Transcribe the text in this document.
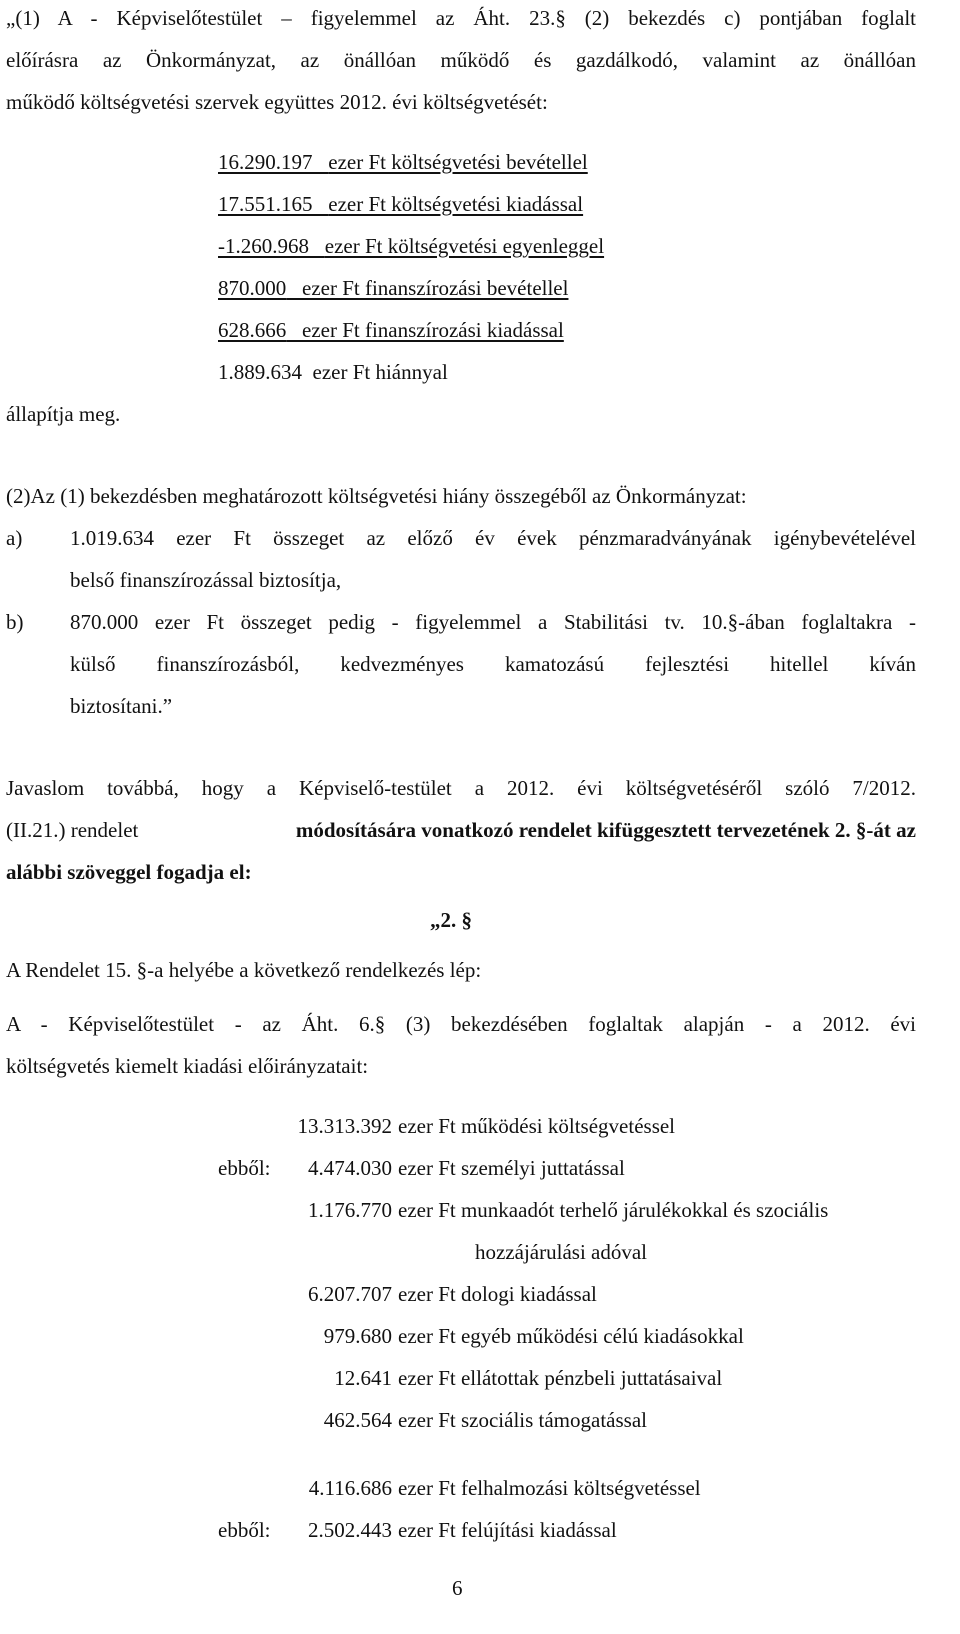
„(1) A - Képviselőtestület – figyelemmel az Áht. 23.§ (2) bekezdés c) pontjában foglalt
előírásra az Önkormányzat, az önállóan működő és gazdálkodó, valamint az önállóan
működő költségvetési szervek együttes 2012. évi költségvetését:
16.290.197 ezer Ft költségvetési bevétellel
17.551.165 ezer Ft költségvetési kiadással
-1.260.968 ezer Ft költségvetési egyenleggel
870.000 ezer Ft finanszírozási bevétellel
628.666 ezer Ft finanszírozási kiadással
1.889.634 ezer Ft hiánnyal
állapítja meg.
(2)Az (1) bekezdésben meghatározott költségvetési hiány összegéből az Önkormányzat:
a) 1.019.634 ezer Ft összeget az előző év évek pénzmaradványának igénybevételével
belső finanszírozással biztosítja,
b) 870.000 ezer Ft összeget pedig - figyelemmel a Stabilitási tv. 10.§-ában foglaltakra -
külső finanszírozásból, kedvezményes kamatozású fejlesztési hitellel kíván
biztosítani.”
Javaslom továbbá, hogy a Képviselő-testület a 2012. évi költségvetéséről szóló 7/2012.
(II.21.) rendelet	módosítására vonatkozó rendelet kifüggesztett tervezetének 2. §-át az
alábbi szöveggel fogadja el:
„2. §
A Rendelet 15. §-a helyébe a következő rendelkezés lép:
A - Képviselőtestület - az Áht. 6.§ (3) bekezdésében foglaltak alapján - a 2012. évi
költségvetés kiemelt kiadási előirányzatait:
13.313.392 ezer Ft működési költségvetéssel
ebből:	4.474.030 ezer Ft személyi juttatással
1.176.770 ezer Ft munkaadót terhelő járulékokkal és szociális
hozzájárulási adóval
6.207.707 ezer Ft dologi kiadással
979.680 ezer Ft egyéb működési célú kiadásokkal
12.641 ezer Ft ellátottak pénzbeli juttatásaival
462.564 ezer Ft szociális támogatással
4.116.686 ezer Ft felhalmozási költségvetéssel
ebből:	2.502.443 ezer Ft felújítási kiadással
6
